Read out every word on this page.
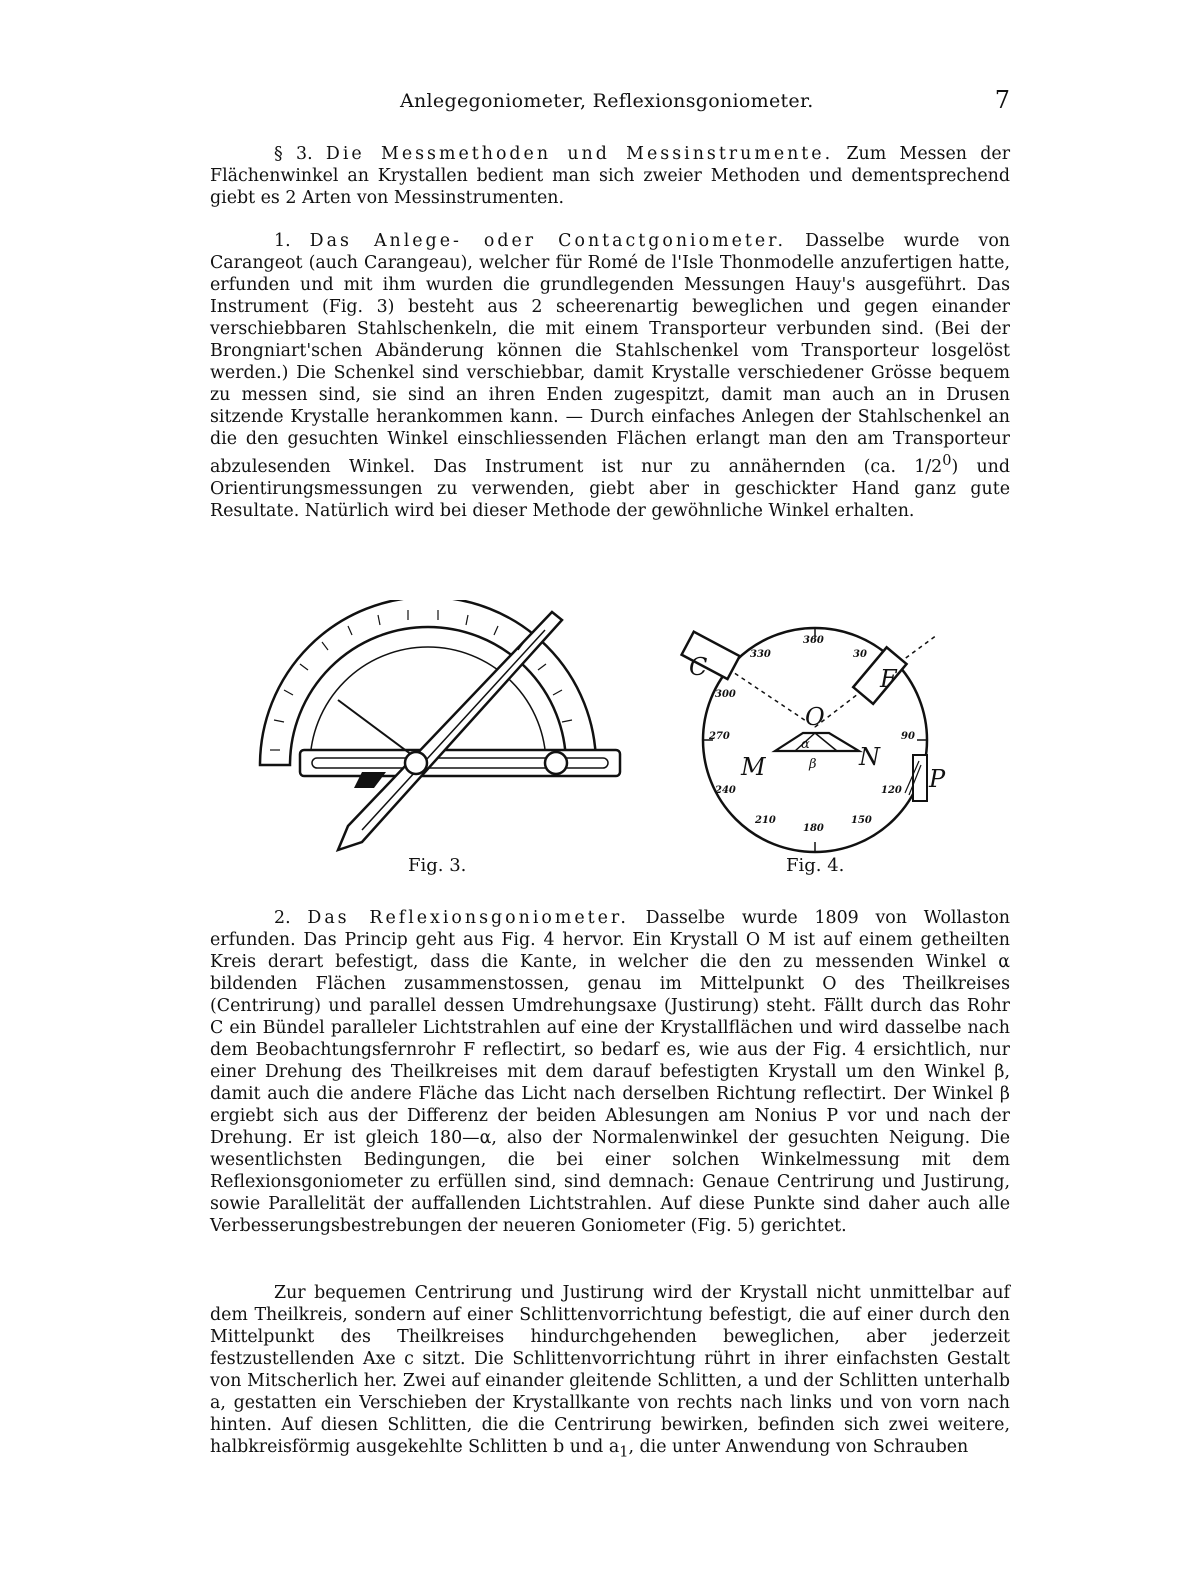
Anlegegoniometer, Reflexionsgoniometer.	7

§ 3. Die Messmethoden und Messinstrumente. Zum Messen der Flächenwinkel an Krystallen bedient man sich zweier Methoden und dementsprechend giebt es 2 Arten von Messinstrumenten.

1. Das Anlege- oder Contactgoniometer. Dasselbe wurde von Carangeot (auch Carangeau), welcher für Romé de l'Isle Thonmodelle anzufertigen hatte, erfunden und mit ihm wurden die grundlegenden Messungen Hauy's ausgeführt. Das Instrument (Fig. 3) besteht aus 2 scheerenartig beweglichen und gegen einander verschiebbaren Stahlschenkeln, die mit einem Transporteur verbunden sind. (Bei der Brongniart'schen Abänderung können die Stahlschenkel vom Transporteur losgelöst werden.) Die Schenkel sind verschiebbar, damit Krystalle verschiedener Grösse bequem zu messen sind, sie sind an ihren Enden zugespitzt, damit man auch an in Drusen sitzende Krystalle herankommen kann. — Durch einfaches Anlegen der Stahlschenkel an die den gesuchten Winkel einschliessenden Flächen erlangt man den am Transporteur abzulesenden Winkel. Das Instrument ist nur zu annähernden (ca. $1/2^0$) und Orientirungsmessungen zu verwenden, giebt aber in geschickter Hand ganz gute Resultate. Natürlich wird bei dieser Methode der gewöhnliche Winkel erhalten.

Fig. 3.
C	F
O
M	N
P
α
β
360
330	30
300
270	90
240	120
210
180
150
Fig. 4.

2. Das Reflexionsgoniometer. Dasselbe wurde 1809 von Wollaston erfunden. Das Princip geht aus Fig. 4 hervor. Ein Krystall O M ist auf einem getheilten Kreis derart befestigt, dass die Kante, in welcher die den zu messenden Winkel α bildenden Flächen zusammenstossen, genau im Mittelpunkt O des Theilkreises (Centrirung) und parallel dessen Umdrehungsaxe (Justirung) steht. Fällt durch das Rohr C ein Bündel paralleler Lichtstrahlen auf eine der Krystallflächen und wird dasselbe nach dem Beobachtungsfernrohr F reflectirt, so bedarf es, wie aus der Fig. 4 ersichtlich, nur einer Drehung des Theilkreises mit dem darauf befestigten Krystall um den Winkel β, damit auch die andere Fläche das Licht nach derselben Richtung reflectirt. Der Winkel β ergiebt sich aus der Differenz der beiden Ablesungen am Nonius P vor und nach der Drehung. Er ist gleich 180—α, also der Normalenwinkel der gesuchten Neigung. Die wesentlichsten Bedingungen, die bei einer solchen Winkelmessung mit dem Reflexionsgoniometer zu erfüllen sind, sind demnach: Genaue Centrirung und Justirung, sowie Parallelität der auffallenden Lichtstrahlen. Auf diese Punkte sind daher auch alle Verbesserungsbestrebungen der neueren Goniometer (Fig. 5) gerichtet.

Zur bequemen Centrirung und Justirung wird der Krystall nicht unmittelbar auf dem Theilkreis, sondern auf einer Schlittenvorrichtung befestigt, die auf einer durch den Mittelpunkt des Theilkreises hindurchgehenden beweglichen, aber jederzeit festzustellenden Axe c sitzt. Die Schlittenvorrichtung rührt in ihrer einfachsten Gestalt von Mitscherlich her. Zwei auf einander gleitende Schlitten, a und der Schlitten unterhalb a, gestatten ein Verschieben der Krystallkante von rechts nach links und von vorn nach hinten. Auf diesen Schlitten, die die Centrirung bewirken, befinden sich zwei weitere, halbkreisförmig ausgekehlte Schlitten b und $a_1$, die unter Anwendung von Schrauben
